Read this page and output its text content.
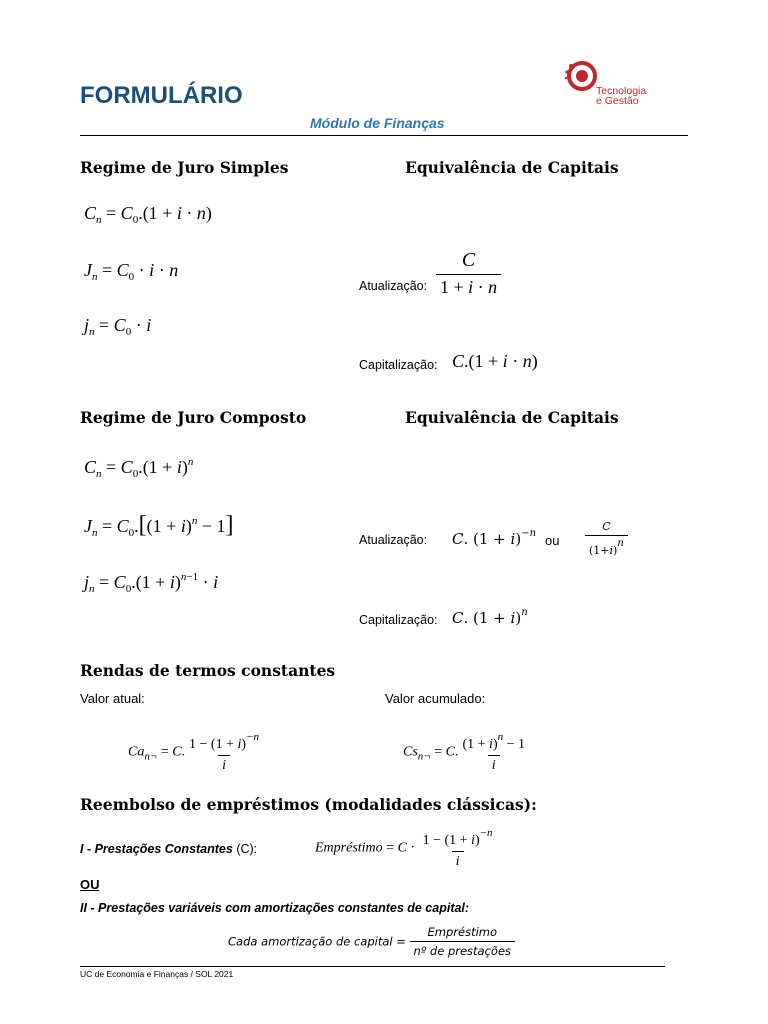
FORMULÁRIO	Tecnologia
e Gestão
Módulo de Finanças
Regime de Juro Simples
$C_n = C_0.(1 + i \cdot n)$
$J_n = C_0 \cdot i \cdot n$
$j_n = C_0 \cdot i$
Equivalência de Capitais
Atualização: $\frac{C}{1 + i \cdot n}$
Capitalização: C.(1 + i · n)
Regime de Juro Composto
$C_n = C_0.(1 + i)^n$
$J_n = C_0.[(1 + i)^n - 1]$
$j_n = C_0.(1 + i)^{n-1} \cdot i$
Equivalência de Capitais
Atualização: C. $(1 + i)^{-n}$ ou $\frac{C}{(1+i)^n}$
Capitalização: C. $(1 + i)^n$
Rendas de termos constantes
Valor atual:	Valor acumulado:
$Ca_{n\neg} = C$. $\frac{1 - (1 + i)^{-n}}{i}$	$Cs_{n\neg} = C$. $\frac{(1 + i)^n - 1}{i}$
Reembolso de empréstimos (modalidades clássicas):
I - Prestações Constantes (C):	Empréstimo = $C \cdot \frac{1 - (1 + i)^{-n}}{i}$
OU
II - Prestações variáveis com amortizações constantes de capital:
Cada amortização de capital = $\frac{\text{Empréstimo}}{\text{nº de prestações}}$
UC de Economia e Finanças / SOL 2021
